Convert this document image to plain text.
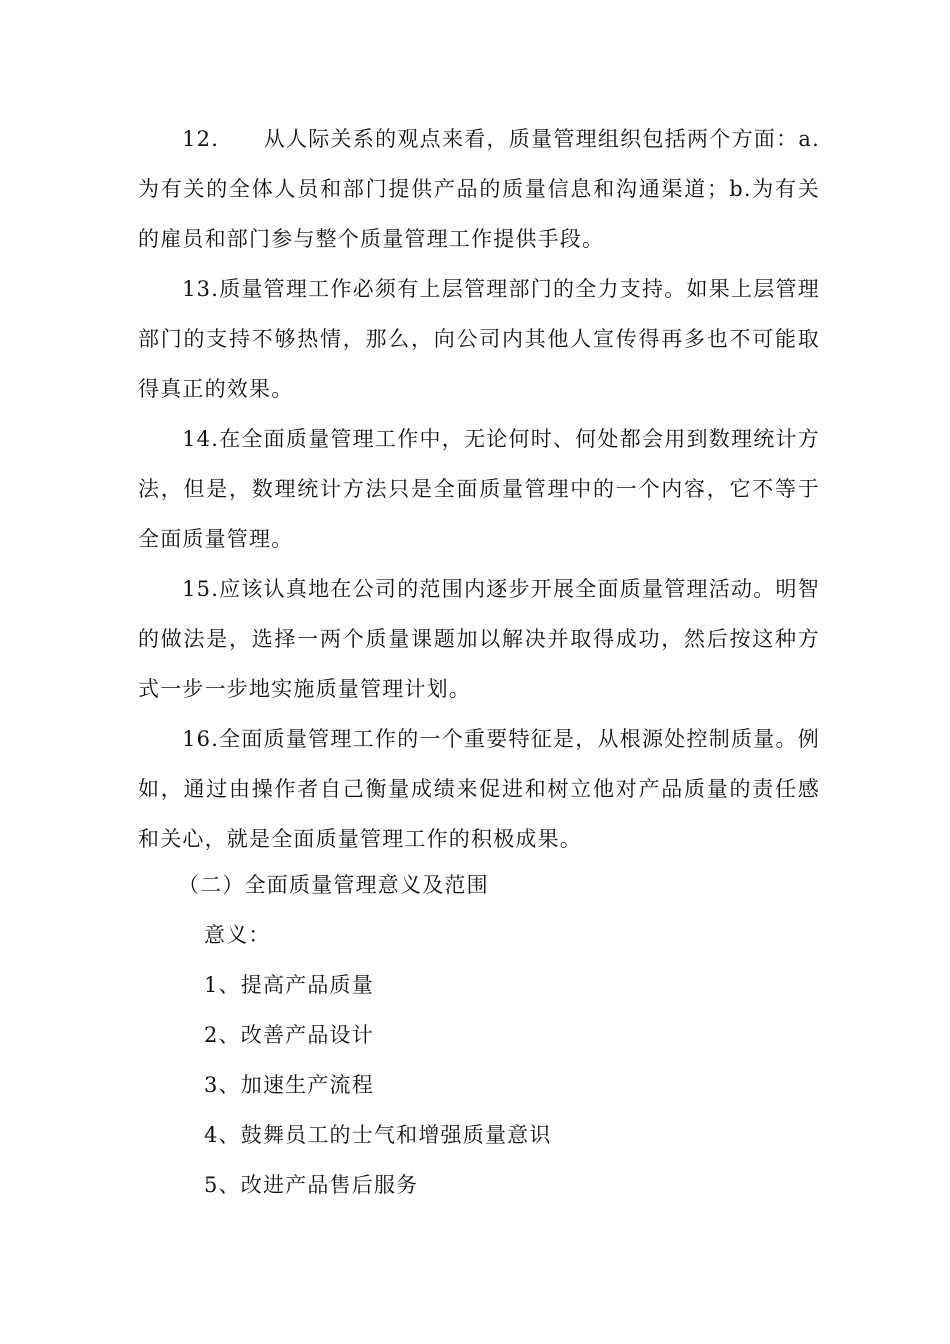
12.　　从人际关系的观点来看，质量管理组织包括两个方面：a.为有关的全体人员和部门提供产品的质量信息和沟通渠道；b.为有关的雇员和部门参与整个质量管理工作提供手段。

13.质量管理工作必须有上层管理部门的全力支持。如果上层管理部门的支持不够热情，那么，向公司内其他人宣传得再多也不可能取得真正的效果。

14.在全面质量管理工作中，无论何时、何处都会用到数理统计方法，但是，数理统计方法只是全面质量管理中的一个内容，它不等于全面质量管理。

15.应该认真地在公司的范围内逐步开展全面质量管理活动。明智的做法是，选择一两个质量课题加以解决并取得成功，然后按这种方式一步一步地实施质量管理计划。

16.全面质量管理工作的一个重要特征是，从根源处控制质量。例如，通过由操作者自己衡量成绩来促进和树立他对产品质量的责任感和关心，就是全面质量管理工作的积极成果。

（二）全面质量管理意义及范围

意义：

1、提高产品质量
2、改善产品设计
3、加速生产流程
4、鼓舞员工的士气和增强质量意识
5、改进产品售后服务
